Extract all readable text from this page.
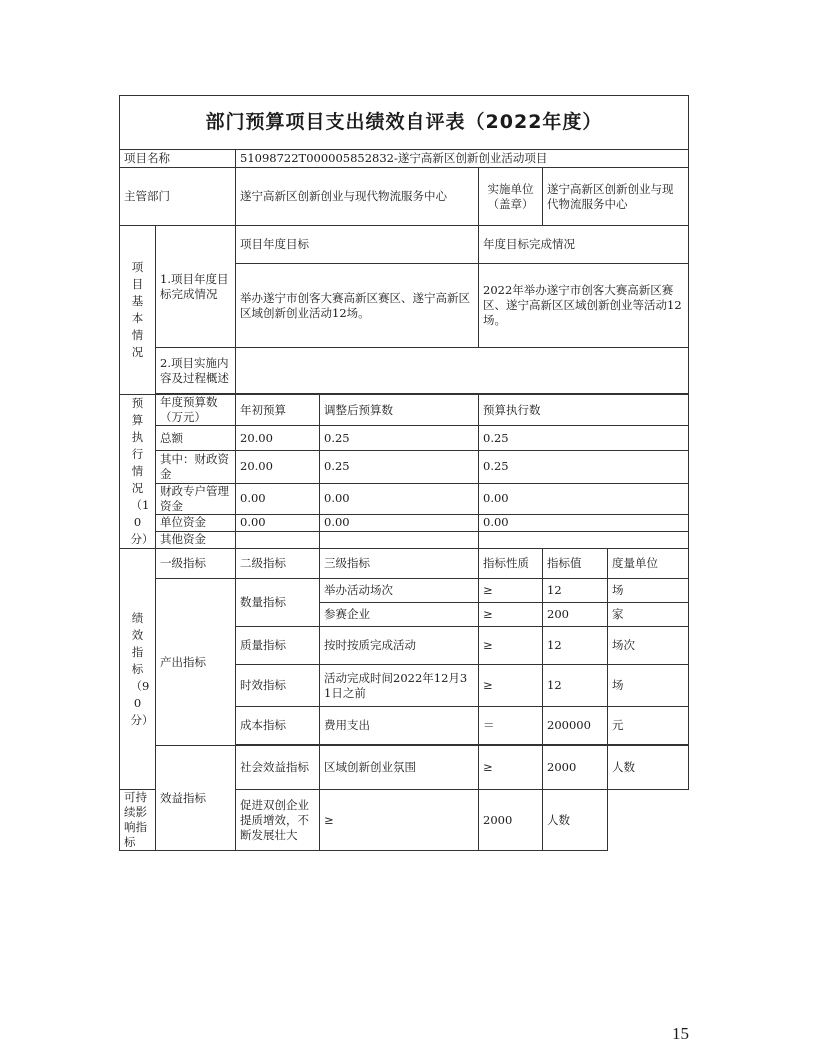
部门预算项目支出绩效自评表（2022年度）						
项目名称		51098722T000005852832-遂宁高新区创新创业活动项目				
主管部门		遂宁高新区创新创业与现代物流服务中心		实施单位（盖章）	遂宁高新区创新创业与现代物流服务中心	

项目基本情况	1.项目年度目标完成情况	项目年度目标		年度目标完成情况		
		举办遂宁市创客大赛高新区赛区、遂宁高新区区域创新创业活动12场。		2022年举办遂宁市创客大赛高新区赛区、遂宁高新区区域创新创业等活动12场。		
	2.项目实施内容及过程概述					

预算执行情况（10分）	年度预算数（万元）	年初预算	调整后预算数	预算执行数		
	总额	20.00	0.25	0.25		
	其中：财政资金	20.00	0.25	0.25		
	财政专户管理资金	0.00	0.00	0.00		
	单位资金	0.00	0.00	0.00		
	其他资金					

绩效指标（90分）	一级指标	二级指标	三级指标	指标性质	指标值	度量单位
	产出指标	数量指标	举办活动场次	≥	12	场
			参赛企业	≥	200	家
		质量指标	按时按质完成活动	≥	12	场次
		时效指标	活动完成时间2022年12月31日之前	≥	12	场
		成本指标	费用支出	＝	200000	元

	效益指标	社会效益指标	区域创新创业氛围	≥	2000	人数
可持续影响指标		促进双创企业提质增效，不断发展壮大	≥	2000	人数	
15
